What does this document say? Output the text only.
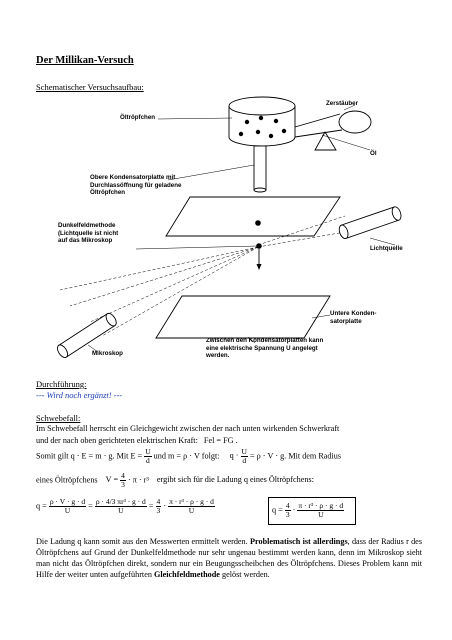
Der Millikan-Versuch
Schematischer Versuchsaufbau:
Öltröpfchen
Zerstäuber
Öl
Obere Kondensatorplatte mit Durchlassöffnung für geladene Öltröpfchen
Dunkelfeldmethode (Lichtquelle ist nicht auf das Mikroskop
Lichtquelle
Untere Konden-satorplatte
Mikroskop
Zwischen den Kondensatorplatten kann eine elektrische Spannung U angelegt werden.
Durchführung:
--- Wird noch ergänzt! ---
Schwebefall:
Im Schwebefall herrscht ein Gleichgewicht zwischen der nach unten wirkenden Schwerkraft
und der nach oben gerichteten elektrischen Kraft: Fel = FG .
Somit gilt q · E = m · g. Mit $E = \frac{U}{d}$ und m = ρ · V folgt: $q \cdot \frac{U}{d} = \rho \cdot V \cdot g$. Mit dem Radius
eines Öltröpfchens $V = \frac{4}{3} \cdot \pi \cdot r^3$ ergibt sich für die Ladung q eines Öltröpfchens:
$q = \frac{\rho \cdot V \cdot g \cdot d}{U} = \frac{\text{ρ · 4/3 πr³ · g · d}}{U} = \frac{4}{3} \cdot \frac{\text{π · r³ · ρ · g · d}}{U}$	$q = \frac{4}{3} \cdot \frac{\text{π · r³ · ρ · g · d}}{U}$
Die Ladung q kann somit aus den Messwerten ermittelt werden. Problematisch ist allerdings, dass der Radius r des Öltröpfchens auf Grund der Dunkelfeldmethode nur sehr ungenau bestimmt werden kann, denn im Mikroskop sieht man nicht das Öltröpfchen direkt, sondern nur ein Beugungsscheibchen des Öltröpfchens. Dieses Problem kann mit Hilfe der weiter unten aufgeführten Gleichfeldmethode gelöst werden.
